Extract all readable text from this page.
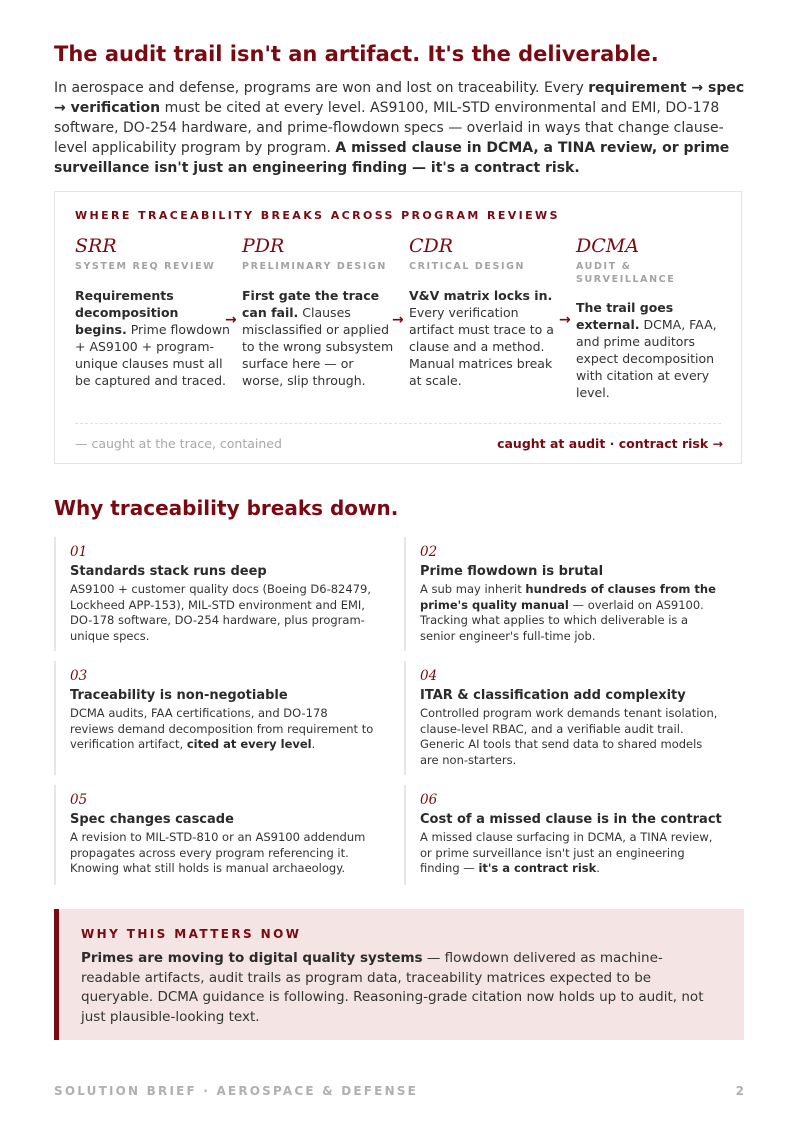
The audit trail isn't an artifact. It's the deliverable.

In aerospace and defense, programs are won and lost on traceability. Every requirement → spec → verification must be cited at every level. AS9100, MIL-STD environmental and EMI, DO-178 software, DO-254 hardware, and prime-flowdown specs — overlaid in ways that change clause-level applicability program by program. A missed clause in DCMA, a TINA review, or prime surveillance isn't just an engineering finding — it's a contract risk.

WHERE TRACEABILITY BREAKS ACROSS PROGRAM REVIEWS
SRR
SYSTEM REQ REVIEW
Requirements decomposition begins. Prime flowdown + AS9100 + program-unique clauses must all be captured and traced.
→
PDR
PRELIMINARY DESIGN
First gate the trace can fail. Clauses misclassified or applied to the wrong subsystem surface here — or worse, slip through.
→
CDR
CRITICAL DESIGN
V&V matrix locks in. Every verification artifact must trace to a clause and a method. Manual matrices break at scale.
→
DCMA
AUDIT & SURVEILLANCE
The trail goes external. DCMA, FAA, and prime auditors expect decomposition with citation at every level.
— caught at the trace, contained	caught at audit · contract risk →
Why traceability breaks down.
01
Standards stack runs deep
AS9100 + customer quality docs (Boeing D6-82479, Lockheed APP-153), MIL-STD environment and EMI, DO-178 software, DO-254 hardware, plus program-unique specs.
02
Prime flowdown is brutal
A sub may inherit hundreds of clauses from the prime's quality manual — overlaid on AS9100. Tracking what applies to which deliverable is a senior engineer's full-time job.
03
Traceability is non-negotiable
DCMA audits, FAA certifications, and DO-178 reviews demand decomposition from requirement to verification artifact, cited at every level.
04
ITAR & classification add complexity
Controlled program work demands tenant isolation, clause-level RBAC, and a verifiable audit trail. Generic AI tools that send data to shared models are non-starters.
05
Spec changes cascade
A revision to MIL-STD-810 or an AS9100 addendum propagates across every program referencing it. Knowing what still holds is manual archaeology.
06
Cost of a missed clause is in the contract
A missed clause surfacing in DCMA, a TINA review, or prime surveillance isn't just an engineering finding — it's a contract risk.
WHY THIS MATTERS NOW
Primes are moving to digital quality systems — flowdown delivered as machine-readable artifacts, audit trails as program data, traceability matrices expected to be queryable. DCMA guidance is following. Reasoning-grade citation now holds up to audit, not just plausible-looking text.
SOLUTION BRIEF · AEROSPACE & DEFENSE	2
